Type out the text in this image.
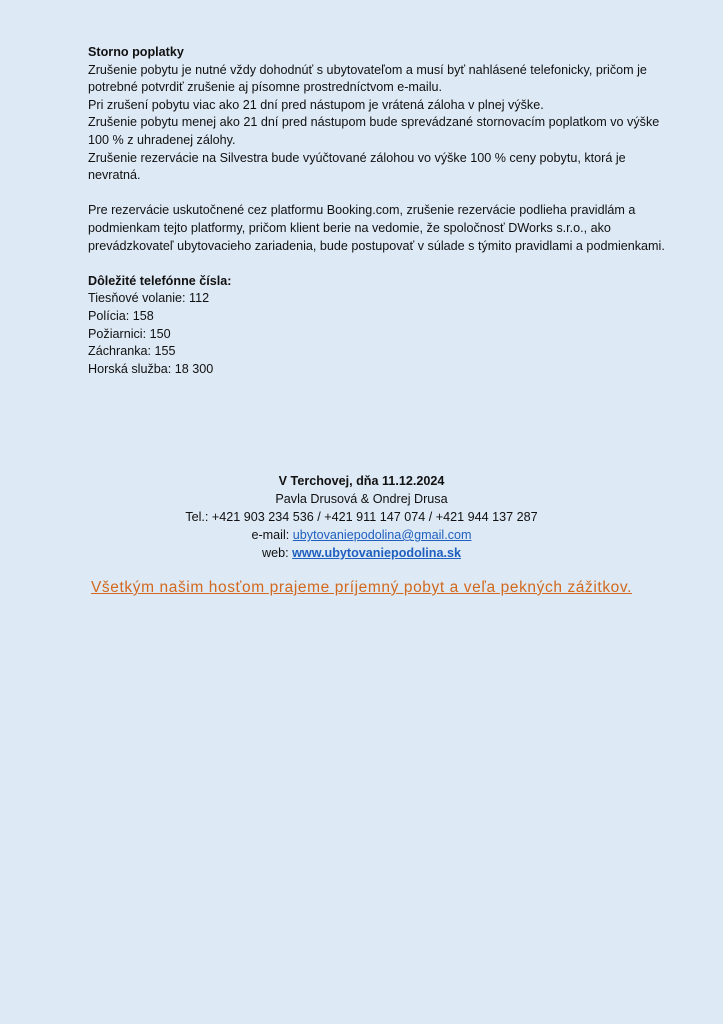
Storno poplatky
Zrušenie pobytu je nutné vždy dohodnúť s ubytovateľom a musí byť nahlásené telefonicky, pričom je potrebné potvrdiť zrušenie aj písomne prostredníctvom e-mailu.
Pri zrušení pobytu viac ako 21 dní pred nástupom je vrátená záloha v plnej výške.
Zrušenie pobytu menej ako 21 dní pred nástupom bude sprevádzané stornovacím poplatkom vo výške 100 % z uhradenej zálohy.
Zrušenie rezervácie na Silvestra bude vyúčtované zálohou vo výške 100 % ceny pobytu, ktorá je nevratná.
Pre rezervácie uskutočnené cez platformu Booking.com, zrušenie rezervácie podlieha pravidlám a podmienkam tejto platformy, pričom klient berie na vedomie, že spoločnosť DWorks s.r.o., ako prevádzkovateľ ubytovacieho zariadenia, bude postupovať v súlade s týmito pravidlami a podmienkami.
Dôležité telefónne čísla:
Tiesňové volanie: 112
Polícia: 158
Požiarnici: 150
Záchranka: 155
Horská služba: 18 300
V Terchovej, dňa 11.12.2024
Pavla Drusová & Ondrej Drusa
Tel.: +421 903 234 536 / +421 911 147 074 / +421 944 137 287
e-mail: ubytovaniepodolina@gmail.com
web: www.ubytovaniepodolina.sk
Všetkým našim hosťom prajeme príjemný pobyt a veľa pekných zážitkov.
